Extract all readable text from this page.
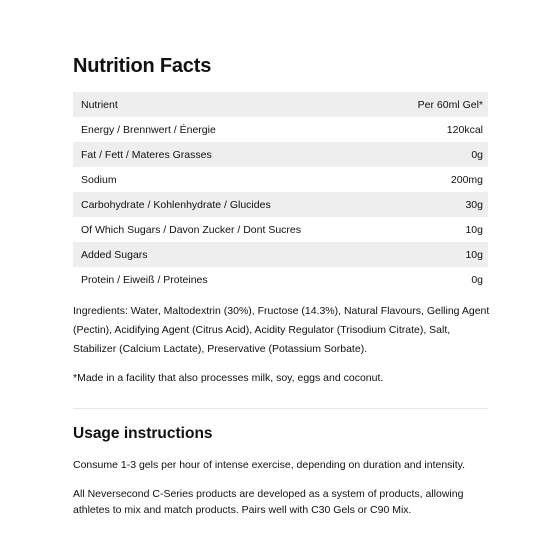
Nutrition Facts
Nutrient	Per 60ml Gel*
Energy / Brennwert / Énergie	120kcal
Fat / Fett / Materes Grasses	0g
Sodium	200mg
Carbohydrate / Kohlenhydrate / Glucides	30g
Of Which Sugars / Davon Zucker / Dont Sucres	10g
Added Sugars	10g
Protein / Eiweiß / Proteines	0g
Ingredients: Water, Maltodextrin (30%), Fructose (14.3%), Natural Flavours, Gelling Agent (Pectin), Acidifying Agent (Citrus Acid), Acidity Regulator (Trisodium Citrate), Salt, Stabilizer (Calcium Lactate), Preservative (Potassium Sorbate).
*Made in a facility that also processes milk, soy, eggs and coconut.
Usage instructions
Consume 1-3 gels per hour of intense exercise, depending on duration and intensity.
All Neversecond C-Series products are developed as a system of products, allowing athletes to mix and match products. Pairs well with C30 Gels or C90 Mix.
